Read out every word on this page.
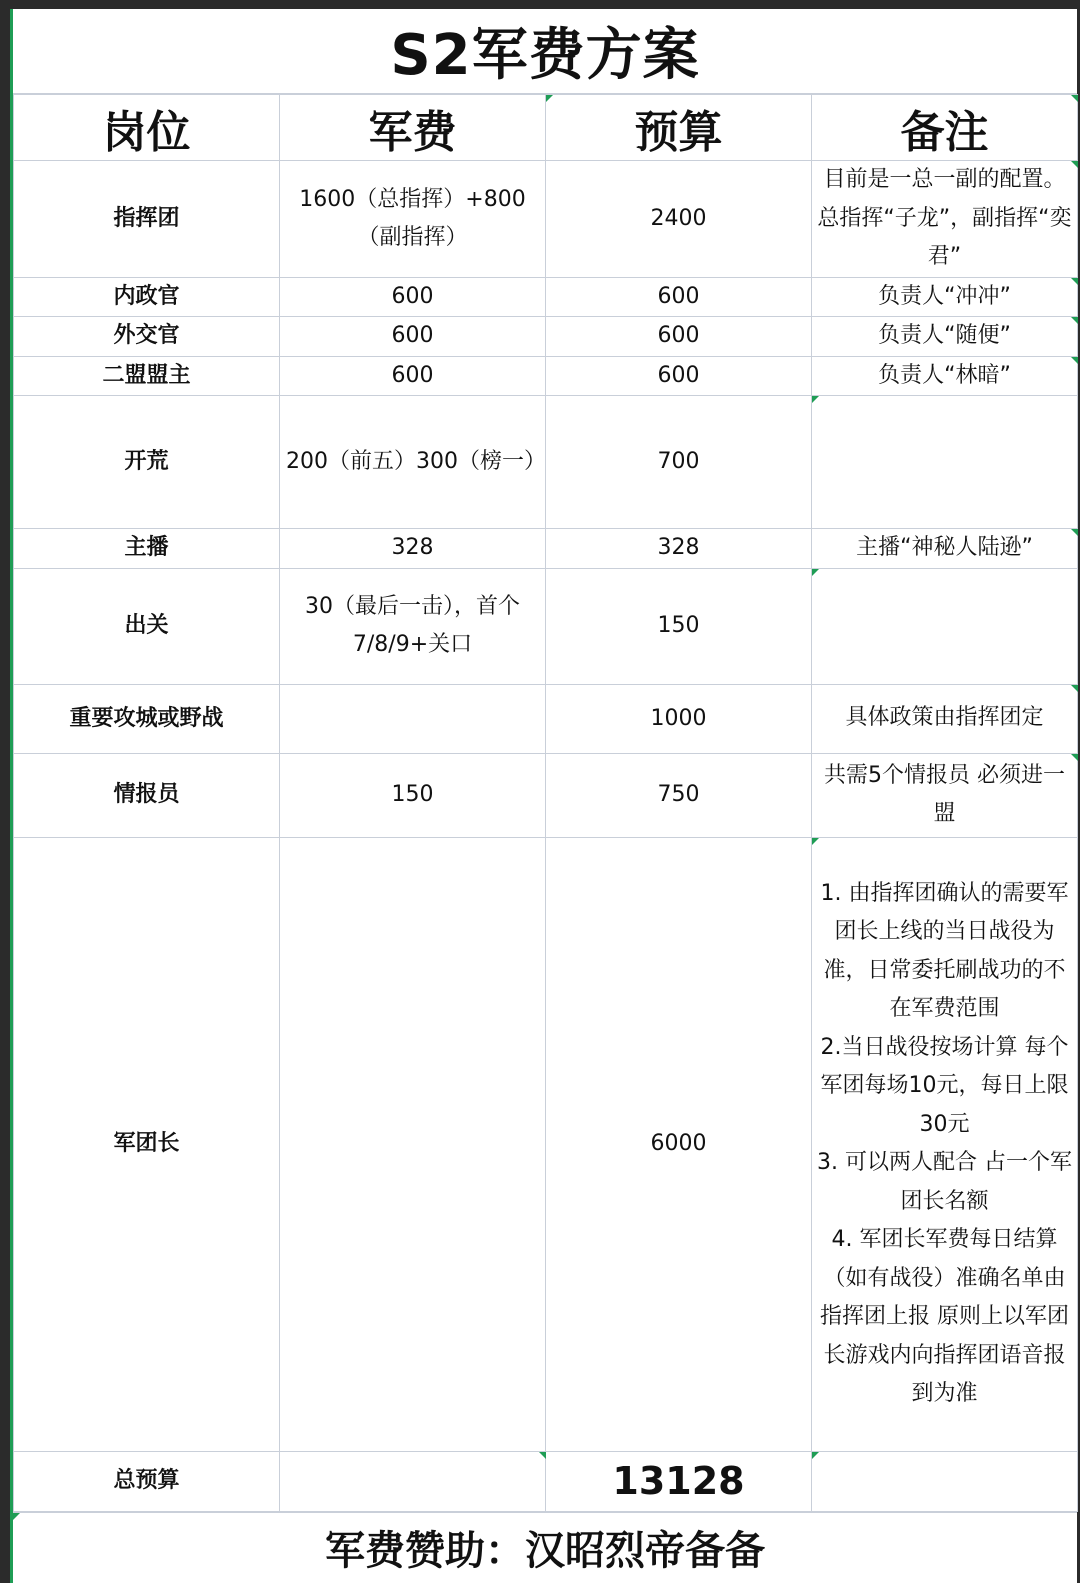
S2军费方案
岗位	军费	预算	备注
指挥团	1600（总指挥）+800（副指挥）	2400	目前是一总一副的配置。总指挥“子龙”，副指挥“奕君”
内政官	600	600	负责人“冲冲”
外交官	600	600	负责人“随便”
二盟盟主	600	600	负责人“林暗”
开荒	200（前五）300（榜一）	700	
主播	328	328	主播“神秘人陆逊”
出关	30（最后一击），首个7/8/9+关口	150	
重要攻城或野战		1000	具体政策由指挥团定
情报员	150	750	共需5个情报员 必须进一盟
军团长		6000	1. 由指挥团确认的需要军团长上线的当日战役为准，日常委托刷战功的不在军费范围
2.当日战役按场计算 每个军团每场10元，每日上限30元
3. 可以两人配合 占一个军团长名额
4. 军团长军费每日结算（如有战役）准确名单由指挥团上报 原则上以军团长游戏内向指挥团语音报到为准
总预算		13128	
军费赞助：汉昭烈帝备备
